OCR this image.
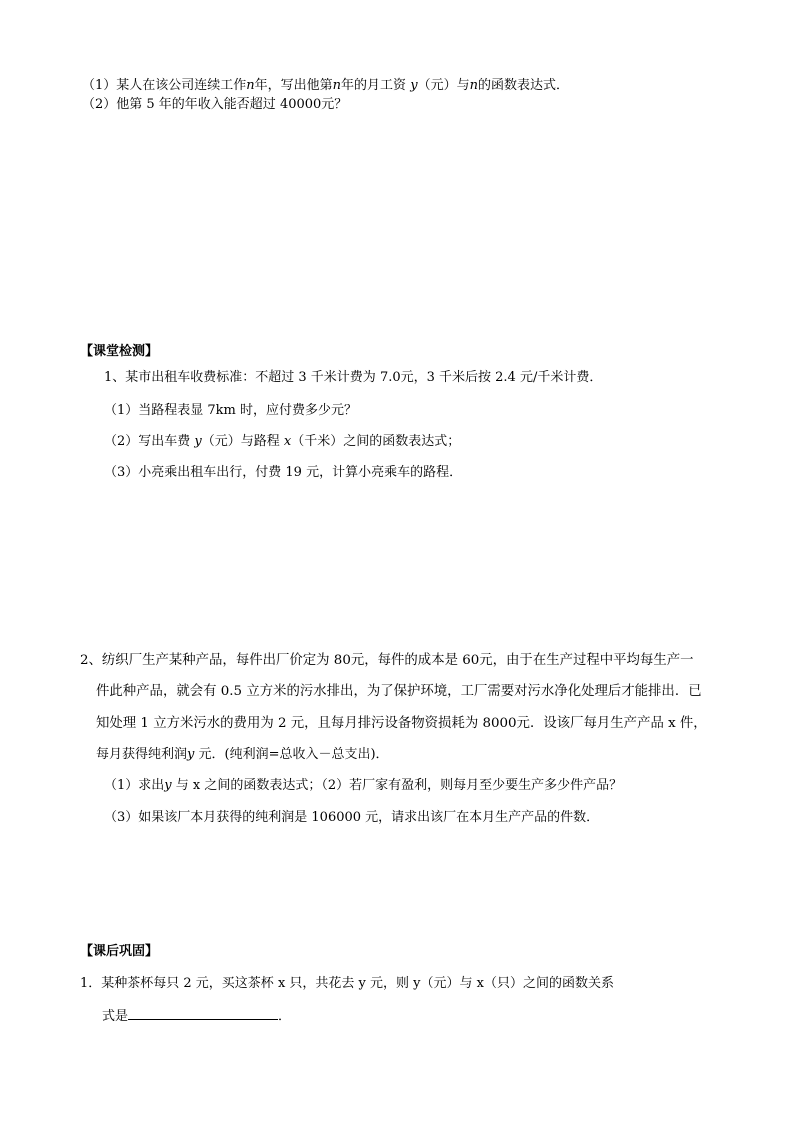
（1）某人在该公司连续工作n年，写出他第n年的月工资 y（元）与n的函数表达式．
（2）他第 5 年的年收入能否超过 40000元？
【课堂检测】
1、某市出租车收费标准：不超过 3 千米计费为 7.0元，3 千米后按 2.4 元/千米计费．
（1）当路程表显 7km 时，应付费多少元？
（2）写出车费 y（元）与路程 x（千米）之间的函数表达式；
（3）小亮乘出租车出行，付费 19 元，计算小亮乘车的路程．
2、纺织厂生产某种产品，每件出厂价定为 80元，每件的成本是 60元，由于在生产过程中平均每生产一
件此种产品，就会有 0.5 立方米的污水排出，为了保护环境，工厂需要对污水净化处理后才能排出．已
知处理 1 立方米污水的费用为 2 元，且每月排污设备物资损耗为 8000元．设该厂每月生产产品 x 件，
每月获得纯利润y 元．(纯利润=总收入－总支出)．
（1）求出y 与 x 之间的函数表达式；（2）若厂家有盈利，则每月至少要生产多少件产品？
（3）如果该厂本月获得的纯利润是 106000 元，请求出该厂在本月生产产品的件数．
【课后巩固】
1．某种茶杯每只 2 元，买这茶杯 x 只，共花去 y 元，则 y（元）与 x（只）之间的函数关系
式是	．
